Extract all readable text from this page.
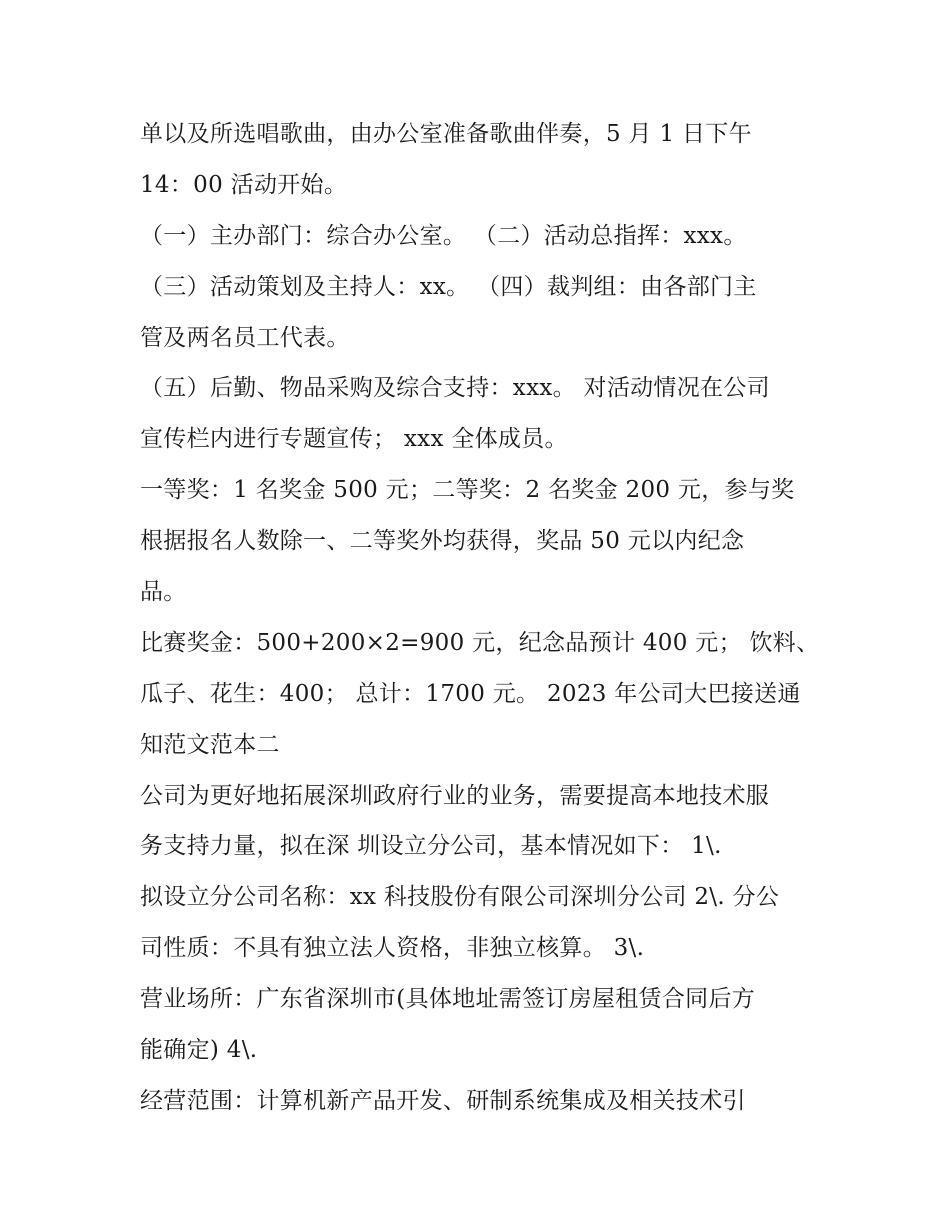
单以及所选唱歌曲，由办公室准备歌曲伴奏，5 月 1 日下午
14：00 活动开始。
（一）主办部门：综合办公室。 （二）活动总指挥：xxx。
（三）活动策划及主持人：xx。 （四）裁判组：由各部门主
管及两名员工代表。
（五）后勤、物品采购及综合支持：xxx。 对活动情况在公司
宣传栏内进行专题宣传； xxx 全体成员。
一等奖：1 名奖金 500 元；二等奖：2 名奖金 200 元，参与奖
根据报名人数除一、二等奖外均获得，奖品 50 元以内纪念
品。
比赛奖金：500+200×2=900 元，纪念品预计 400 元； 饮料、
瓜子、花生：400； 总计：1700 元。 2023 年公司大巴接送通
知范文范本二
公司为更好地拓展深圳政府行业的业务，需要提高本地技术服
务支持力量，拟在深 圳设立分公司，基本情况如下： 1\.
拟设立分公司名称：xx 科技股份有限公司深圳分公司 2\. 分公
司性质：不具有独立法人资格，非独立核算。 3\.
营业场所：广东省深圳市(具体地址需签订房屋租赁合同后方
能确定) 4\.
经营范围：计算机新产品开发、研制系统集成及相关技术引
